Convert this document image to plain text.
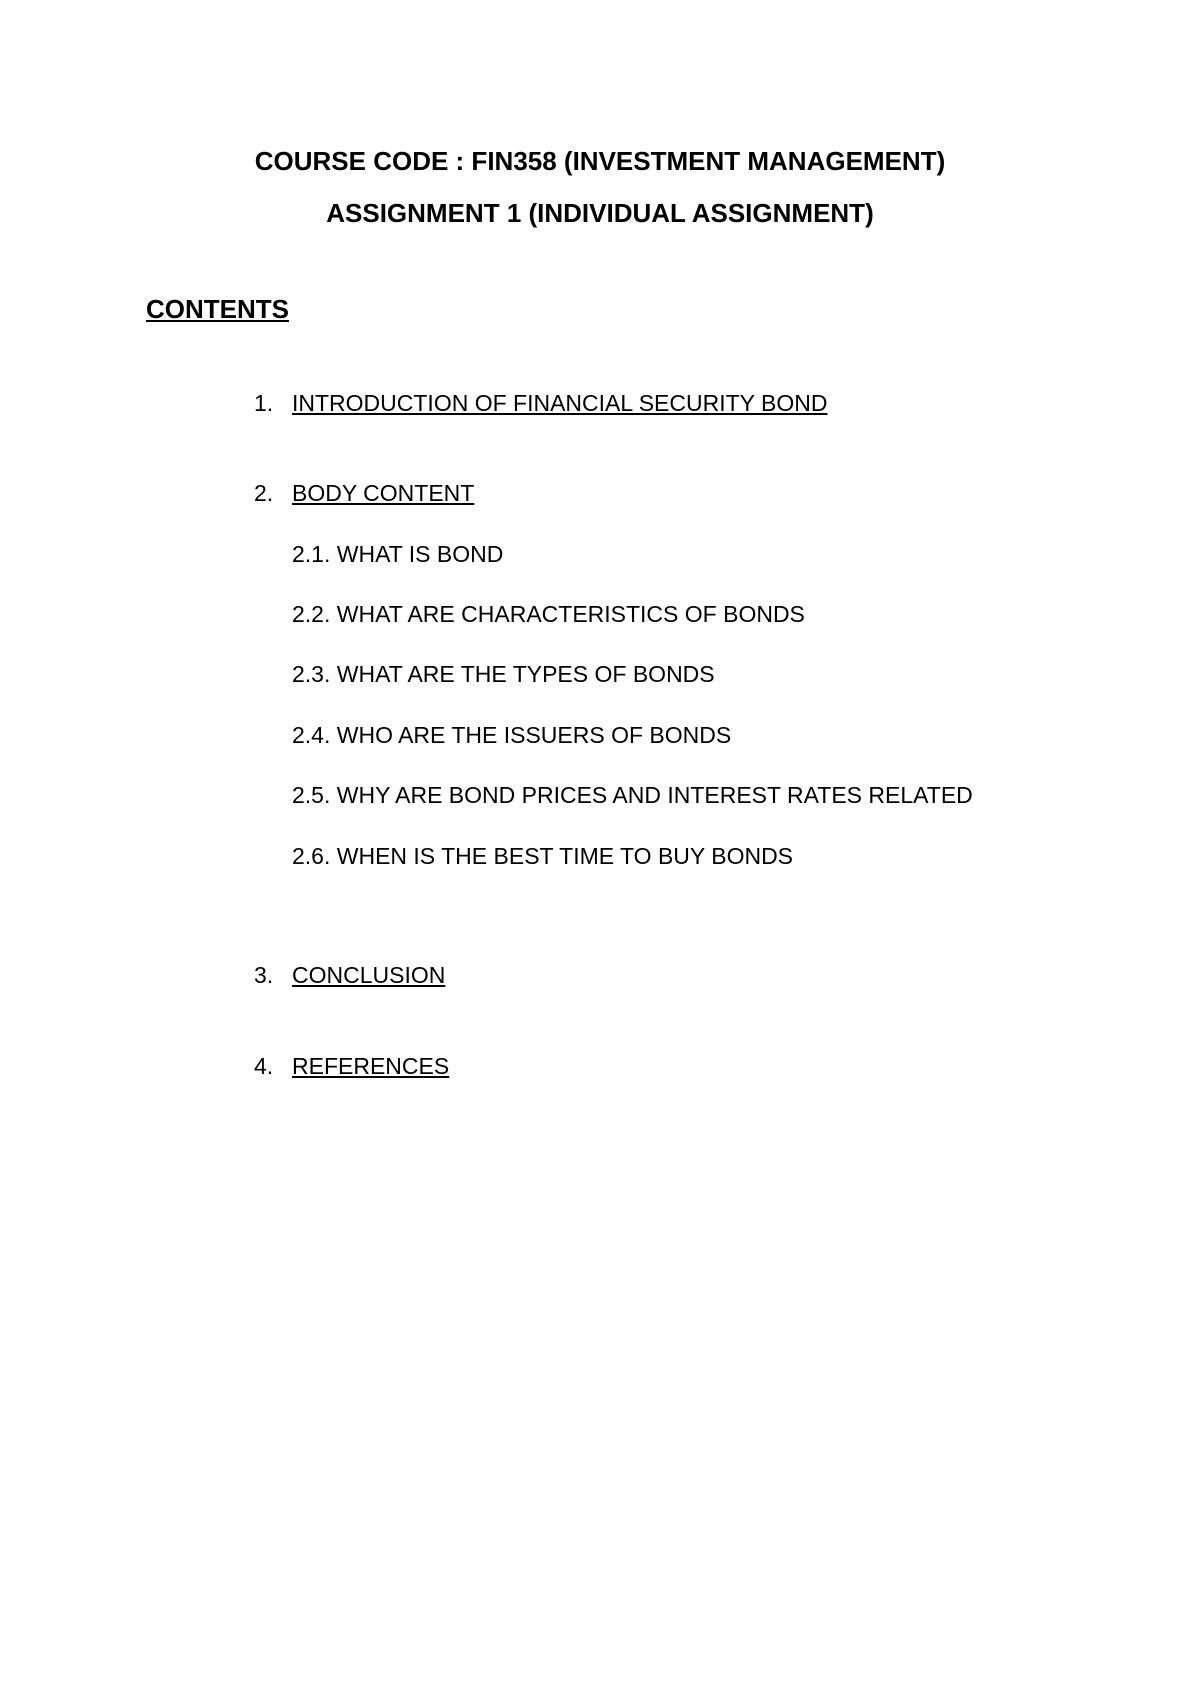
COURSE CODE : FIN358 (INVESTMENT MANAGEMENT)
ASSIGNMENT 1 (INDIVIDUAL ASSIGNMENT)
CONTENTS
1. INTRODUCTION OF FINANCIAL SECURITY BOND
2. BODY CONTENT
2.1. WHAT IS BOND
2.2. WHAT ARE CHARACTERISTICS OF BONDS
2.3. WHAT ARE THE TYPES OF BONDS
2.4. WHO ARE THE ISSUERS OF BONDS
2.5. WHY ARE BOND PRICES AND INTEREST RATES RELATED
2.6. WHEN IS THE BEST TIME TO BUY BONDS
3. CONCLUSION
4. REFERENCES
